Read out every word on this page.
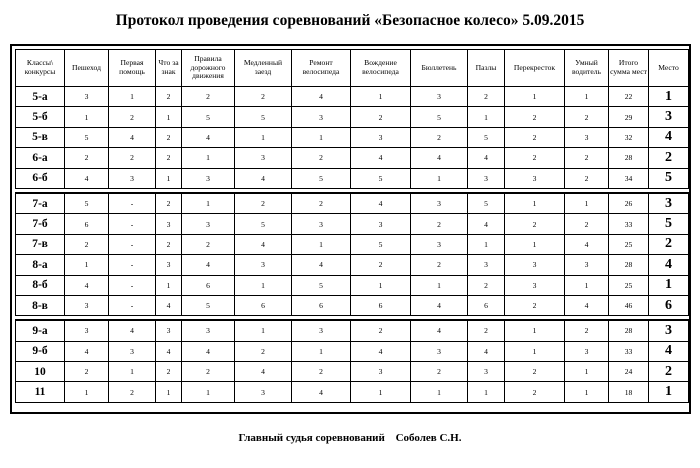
Протокол проведения соревнований «Безопасное колесо» 5.09.2015
Классы\ конкурсы	Пешеход	Первая помощь	Что за знак	Правила дорожного движения	Медленный заезд	Ремонт велосипеда	Вождение велосипеда	Бюллетень	Пазлы	Перекресток	Умный водитель	Итого сумма мест	Место
5-а	3	1	2	2	2	4	1	3	2	1	1	22	1
5-б	1	2	1	5	5	3	2	5	1	2	2	29	3
5-в	5	4	2	4	1	1	3	2	5	2	3	32	4
6-а	2	2	2	1	3	2	4	4	4	2	2	28	2
6-б	4	3	1	3	4	5	5	1	3	3	2	34	5

7-а	5	-	2	1	2	2	4	3	5	1	1	26	3
7-б	6	-	3	3	5	3	3	2	4	2	2	33	5
7-в	2	-	2	2	4	1	5	3	1	1	4	25	2
8-а	1	-	3	4	3	4	2	2	3	3	3	28	4
8-б	4	-	1	6	1	5	1	1	2	3	1	25	1
8-в	3	-	4	5	6	6	6	4	6	2	4	46	6

9-а	3	4	3	3	1	3	2	4	2	1	2	28	3
9-б	4	3	4	4	2	1	4	3	4	1	3	33	4
10	2	1	2	2	4	2	3	2	3	2	1	24	2
11	1	2	1	1	3	4	1	1	1	2	1	18	1
Главный судья соревнований Соболев С.Н.
